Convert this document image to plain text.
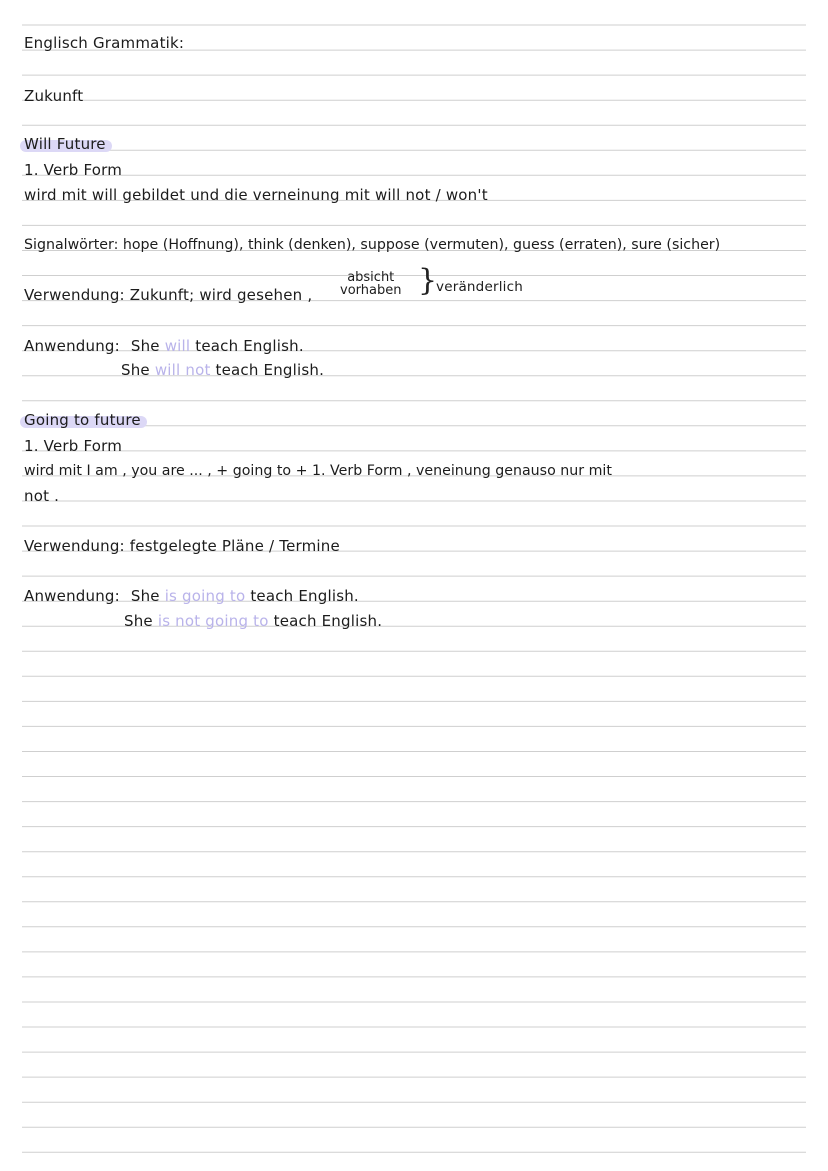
Englisch Grammatik:
Zukunft
Will Future
1. Verb Form
wird mit will gebildet und die verneinung mit will not / won't
Signalwörter: hope (Hoffnung), think (denken), suppose (vermuten), guess (erraten), sure (sicher)
Verwendung: Zukunft; wird gesehen ,
absicht
vorhaben }
veränderlich
Anwendung: She will teach English.
She will not teach English.
Going to future
1. Verb Form
wird mit I am , you are ... , + going to + 1. Verb Form , veneinung genauso nur mit
not .
Verwendung: festgelegte Pläne / Termine
Anwendung: She is going to teach English.
She is not going to teach English.
